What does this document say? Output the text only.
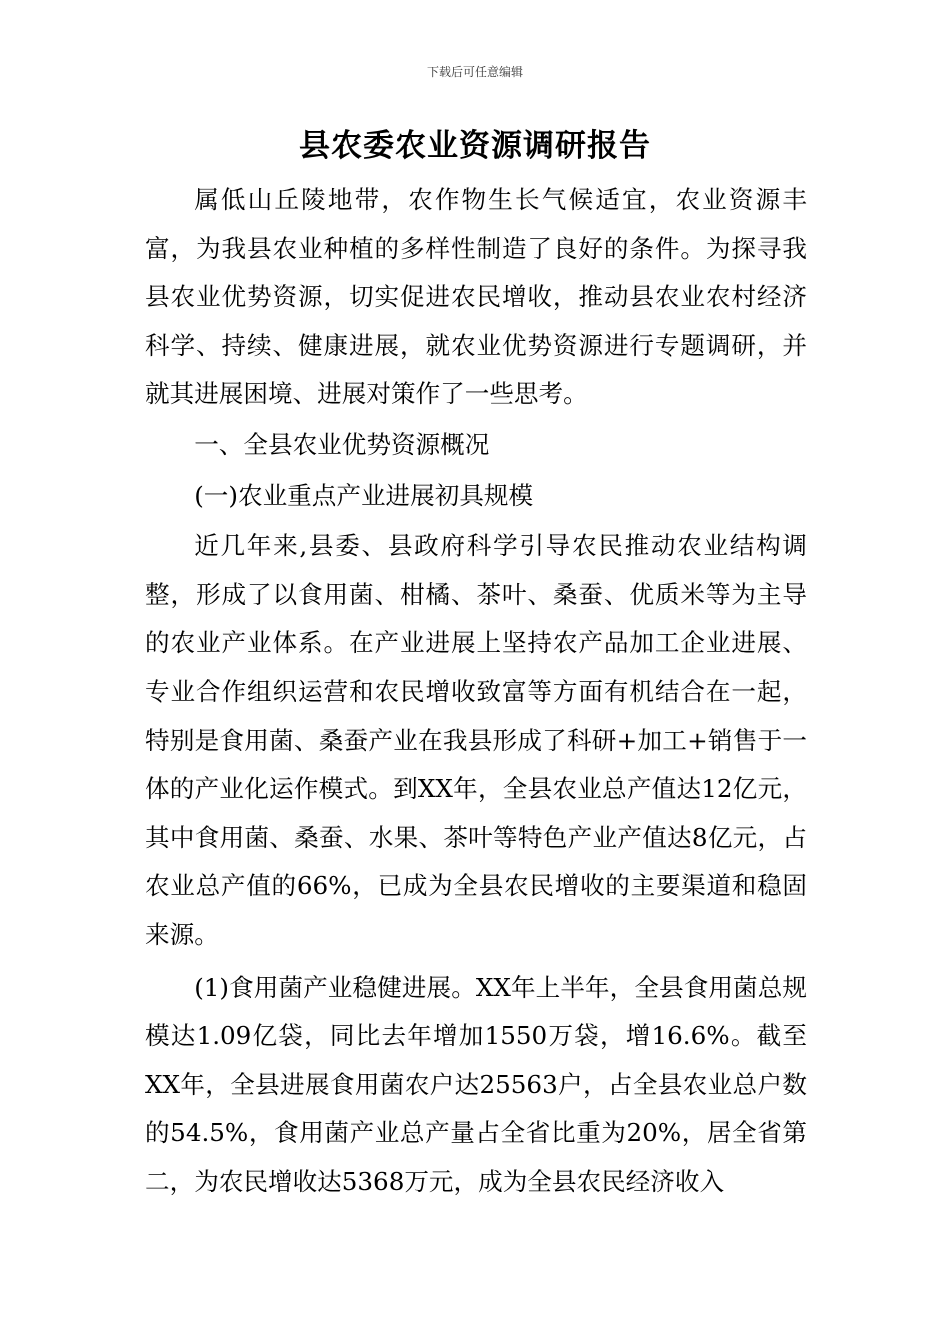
下载后可任意编辑
县农委农业资源调研报告

属低山丘陵地带，农作物生长气候适宜，农业资源丰富，为我县农业种植的多样性制造了良好的条件。为探寻我县农业优势资源，切实促进农民增收，推动县农业农村经济科学、持续、健康进展，就农业优势资源进行专题调研，并就其进展困境、进展对策作了一些思考。

一、全县农业优势资源概况

(一)农业重点产业进展初具规模

近几年来,县委、县政府科学引导农民推动农业结构调整，形成了以食用菌、柑橘、茶叶、桑蚕、优质米等为主导的农业产业体系。在产业进展上坚持农产品加工企业进展、专业合作组织运营和农民增收致富等方面有机结合在一起，特别是食用菌、桑蚕产业在我县形成了科研+加工+销售于一体的产业化运作模式。到XX年，全县农业总产值达12亿元，其中食用菌、桑蚕、水果、茶叶等特色产业产值达8亿元，占农业总产值的66%，已成为全县农民增收的主要渠道和稳固来源。

(1)食用菌产业稳健进展。XX年上半年，全县食用菌总规模达1.09亿袋，同比去年增加1550万袋，增16.6%。截至XX年，全县进展食用菌农户达25563户，占全县农业总户数的54.5%，食用菌产业总产量占全省比重为20%，居全省第二，为农民增收达5368万元，成为全县农民经济收入
